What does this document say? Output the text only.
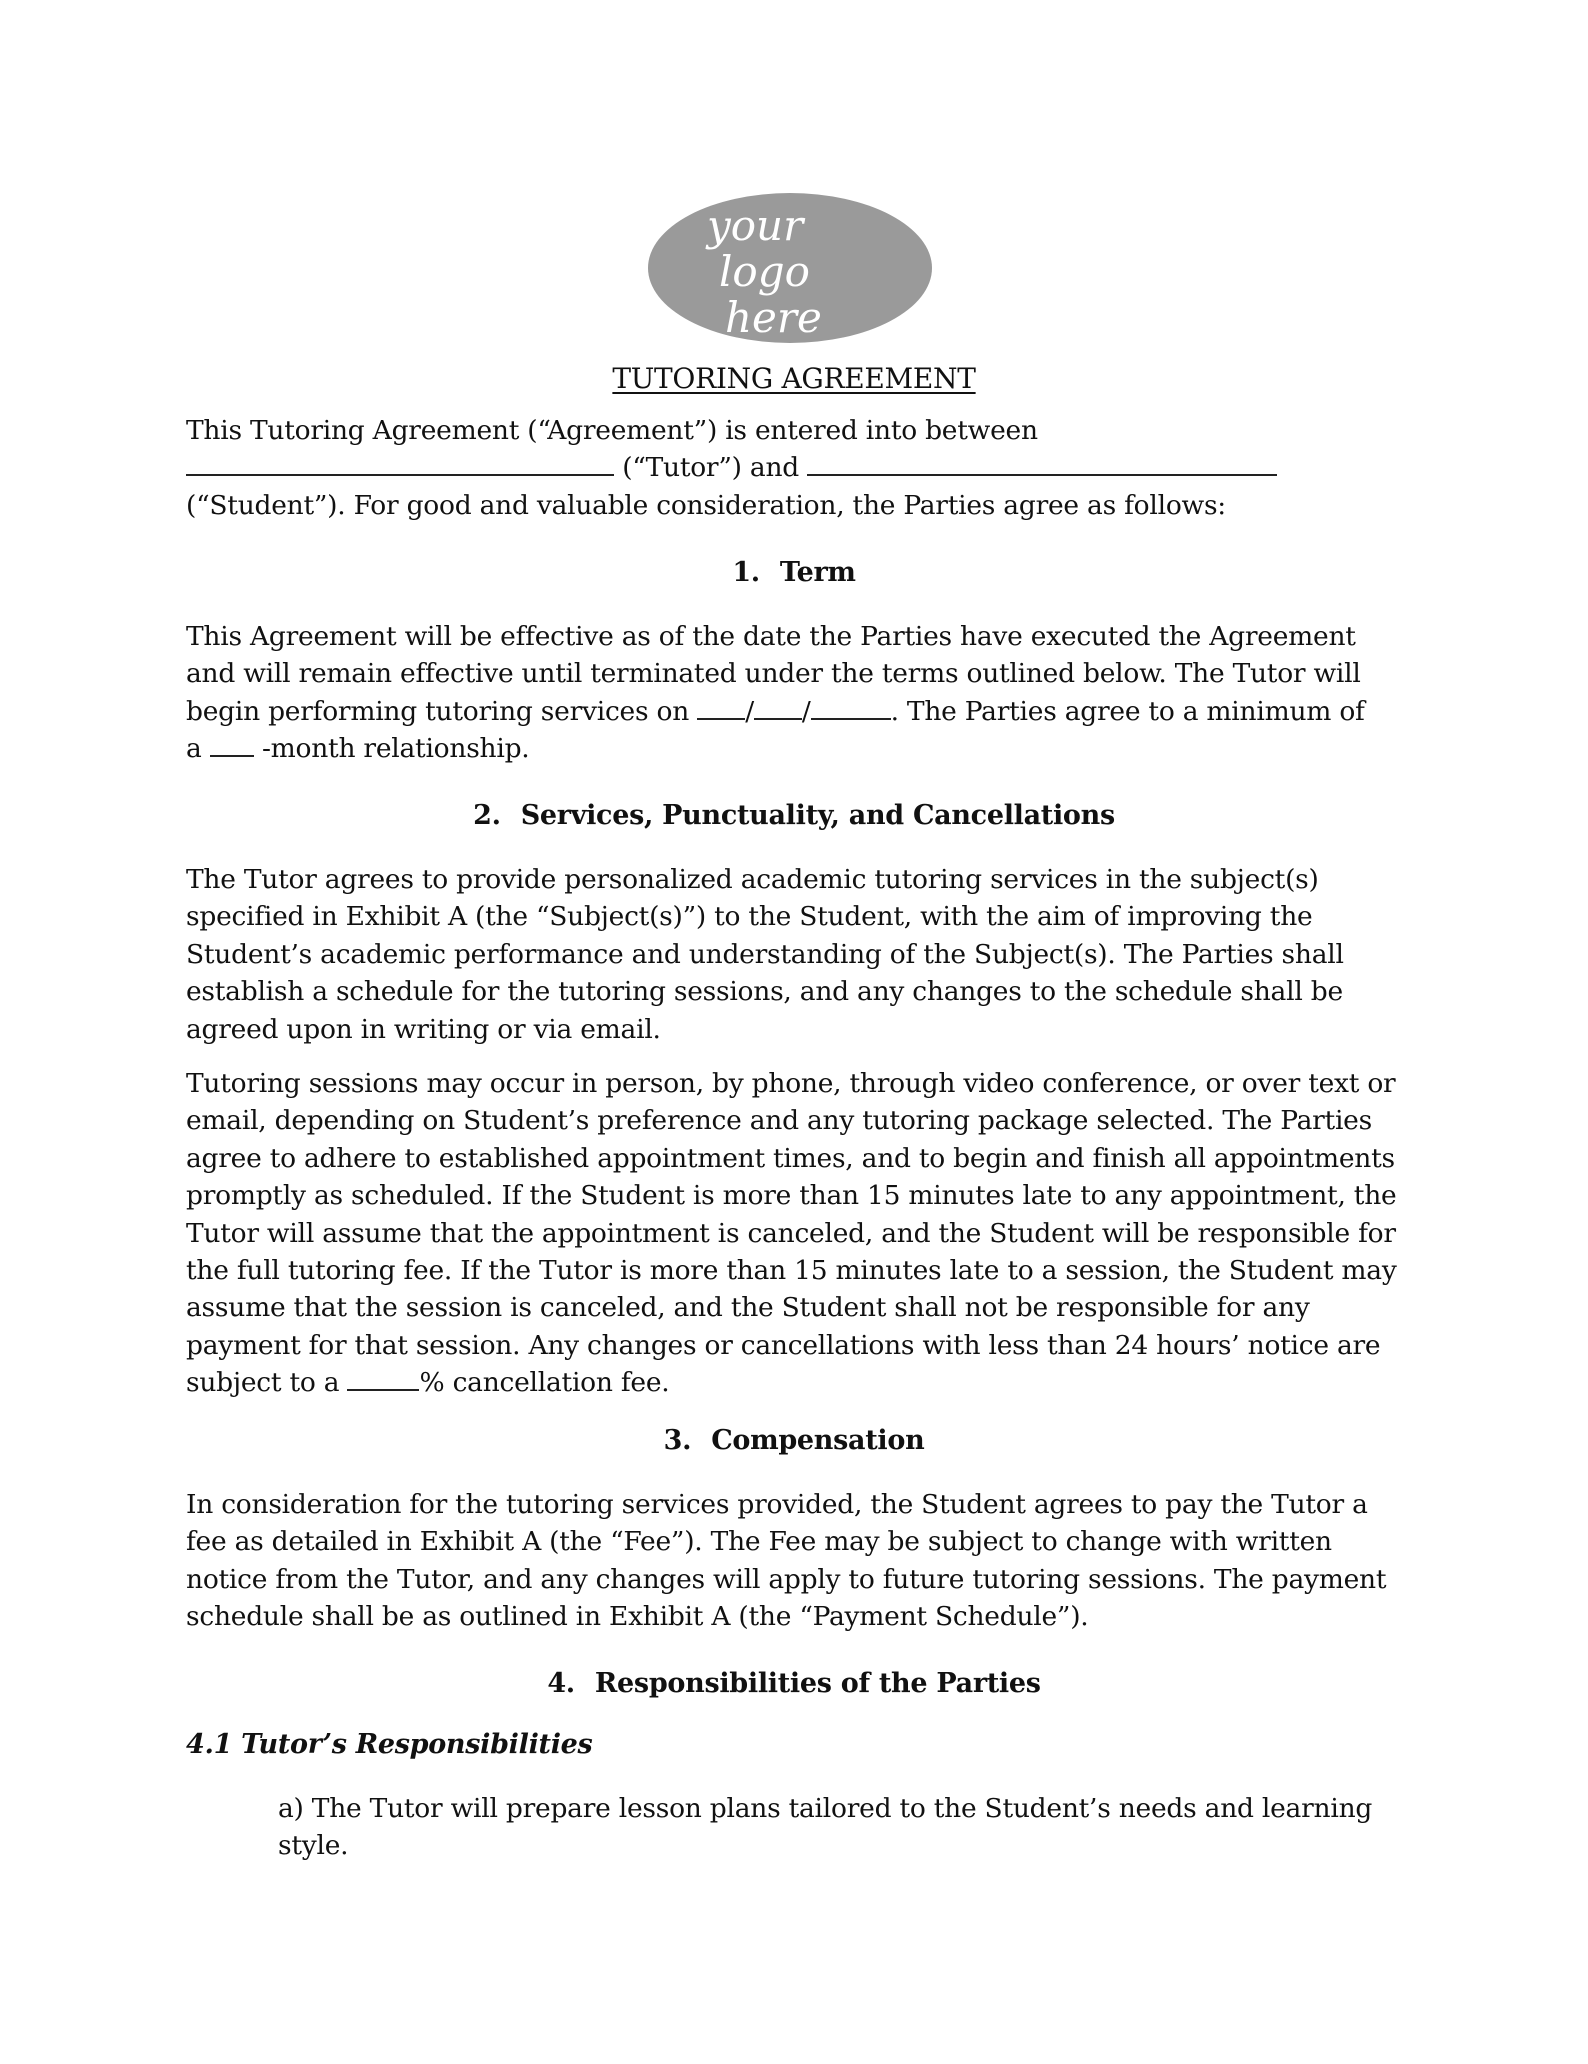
your
logo
here
TUTORING AGREEMENT
This Tutoring Agreement (“Agreement”) is entered into between
(“Tutor”) and
(“Student”). For good and valuable consideration, the Parties agree as follows:
1. Term
This Agreement will be effective as of the date the Parties have executed the Agreement
and will remain effective until terminated under the terms outlined below. The Tutor will
begin performing tutoring services on / /	. The Parties agree to a minimum of
a -month relationship.
2. Services, Punctuality, and Cancellations
The Tutor agrees to provide personalized academic tutoring services in the subject(s)
specified in Exhibit A (the “Subject(s)”) to the Student, with the aim of improving the
Student’s academic performance and understanding of the Subject(s). The Parties shall
establish a schedule for the tutoring sessions, and any changes to the schedule shall be
agreed upon in writing or via email.
Tutoring sessions may occur in person, by phone, through video conference, or over text or
email, depending on Student’s preference and any tutoring package selected. The Parties
agree to adhere to established appointment times, and to begin and finish all appointments
promptly as scheduled. If the Student is more than 15 minutes late to any appointment, the
Tutor will assume that the appointment is canceled, and the Student will be responsible for
the full tutoring fee. If the Tutor is more than 15 minutes late to a session, the Student may
assume that the session is canceled, and the Student shall not be responsible for any
payment for that session. Any changes or cancellations with less than 24 hours’ notice are
subject to a	% cancellation fee.
3. Compensation
In consideration for the tutoring services provided, the Student agrees to pay the Tutor a
fee as detailed in Exhibit A (the “Fee”). The Fee may be subject to change with written
notice from the Tutor, and any changes will apply to future tutoring sessions. The payment
schedule shall be as outlined in Exhibit A (the “Payment Schedule”).
4. Responsibilities of the Parties
4.1 Tutor’s Responsibilities
a) The Tutor will prepare lesson plans tailored to the Student’s needs and learning
style.
